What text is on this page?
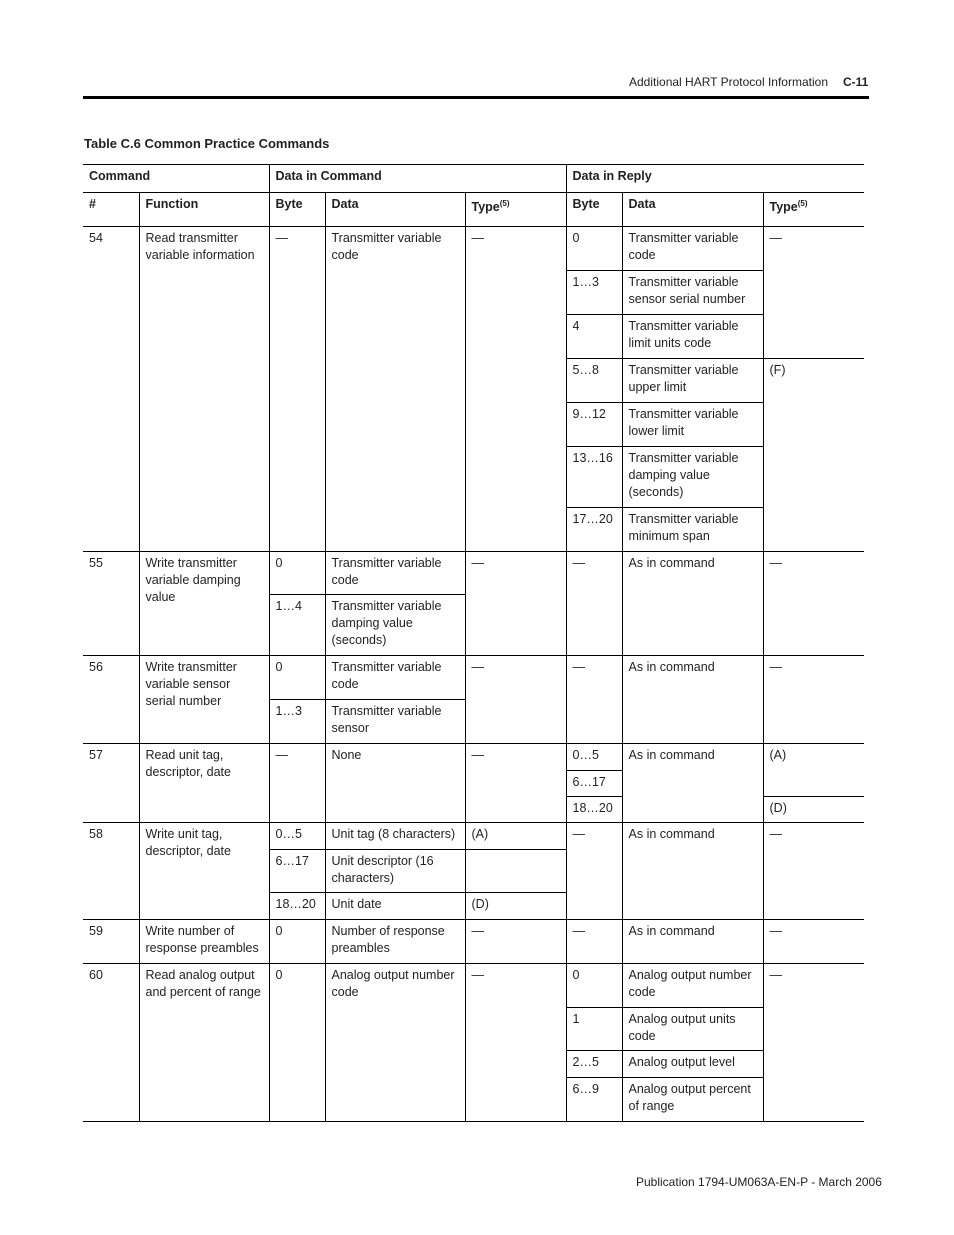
Additional HART Protocol Information C-11
Table C.6 Common Practice Commands
Command		Data in Command			Data in Reply		
#	Function	Byte	Data	Type$^{(5)}$	Byte	Data	Type$^{(5)}$
54	Read transmitter variable information	—	Transmitter variable code	—	0	Transmitter variable code	—
					1…3	Transmitter variable sensor serial number	
					4	Transmitter variable limit units code	
					5…8	Transmitter variable upper limit	(F)
					9…12	Transmitter variable lower limit	
					13…16	Transmitter variable damping value (seconds)	
					17…20	Transmitter variable minimum span	
55	Write transmitter variable damping value	0	Transmitter variable code	—	—	As in command	—
		1…4	Transmitter variable damping value (seconds)				
56	Write transmitter variable sensor serial number	0	Transmitter variable code	—	—	As in command	—
		1…3	Transmitter variable sensor				
57	Read unit tag, descriptor, date	—	None	—	0…5	As in command	(A)
					6…17		
					18…20		(D)
58	Write unit tag, descriptor, date	0…5	Unit tag (8 characters)	(A)	—	As in command	—
		6…17	Unit descriptor (16 characters)				
		18…20	Unit date	(D)			
59	Write number of response preambles	0	Number of response preambles	—	—	As in command	—
60	Read analog output and percent of range	0	Analog output number code	—	0	Analog output number code	—
					1	Analog output units code	
					2…5	Analog output level	
					6…9	Analog output percent of range	
Publication 1794-UM063A-EN-P - March 2006
